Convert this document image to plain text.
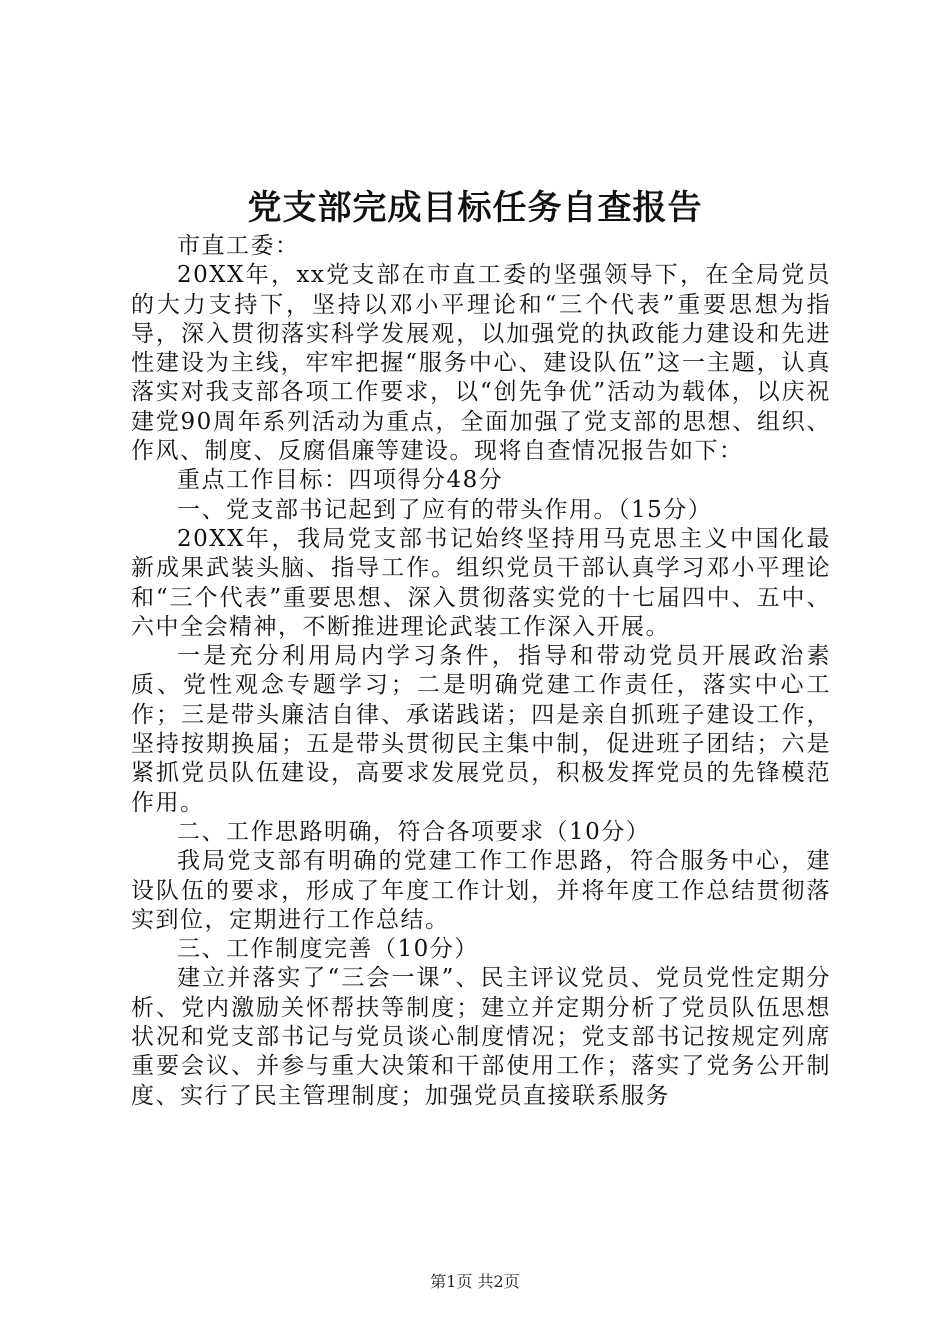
党支部完成目标任务自查报告

市直工委：

20XX年，xx党支部在市直工委的坚强领导下，在全局党员的大力支持下，坚持以邓小平理论和“三个代表”重要思想为指导，深入贯彻落实科学发展观，以加强党的执政能力建设和先进性建设为主线，牢牢把握“服务中心、建设队伍”这一主题，认真落实对我支部各项工作要求，以“创先争优”活动为载体，以庆祝建党90周年系列活动为重点，全面加强了党支部的思想、组织、作风、制度、反腐倡廉等建设。现将自查情况报告如下：

重点工作目标：四项得分48分

一、党支部书记起到了应有的带头作用。（15分）

20XX年，我局党支部书记始终坚持用马克思主义中国化最新成果武装头脑、指导工作。组织党员干部认真学习邓小平理论和“三个代表”重要思想、深入贯彻落实党的十七届四中、五中、六中全会精神，不断推进理论武装工作深入开展。

一是充分利用局内学习条件，指导和带动党员开展政治素质、党性观念专题学习；二是明确党建工作责任，落实中心工作；三是带头廉洁自律、承诺践诺；四是亲自抓班子建设工作，坚持按期换届；五是带头贯彻民主集中制，促进班子团结；六是紧抓党员队伍建设，高要求发展党员，积极发挥党员的先锋模范作用。

二、工作思路明确，符合各项要求（10分）

我局党支部有明确的党建工作工作思路，符合服务中心，建设队伍的要求，形成了年度工作计划，并将年度工作总结贯彻落实到位，定期进行工作总结。

三、工作制度完善（10分）

建立并落实了“三会一课”、民主评议党员、党员党性定期分析、党内激励关怀帮扶等制度；建立并定期分析了党员队伍思想状况和党支部书记与党员谈心制度情况；党支部书记按规定列席重要会议、并参与重大决策和干部使用工作；落实了党务公开制度、实行了民主管理制度；加强党员直接联系服务

第1页 共2页
